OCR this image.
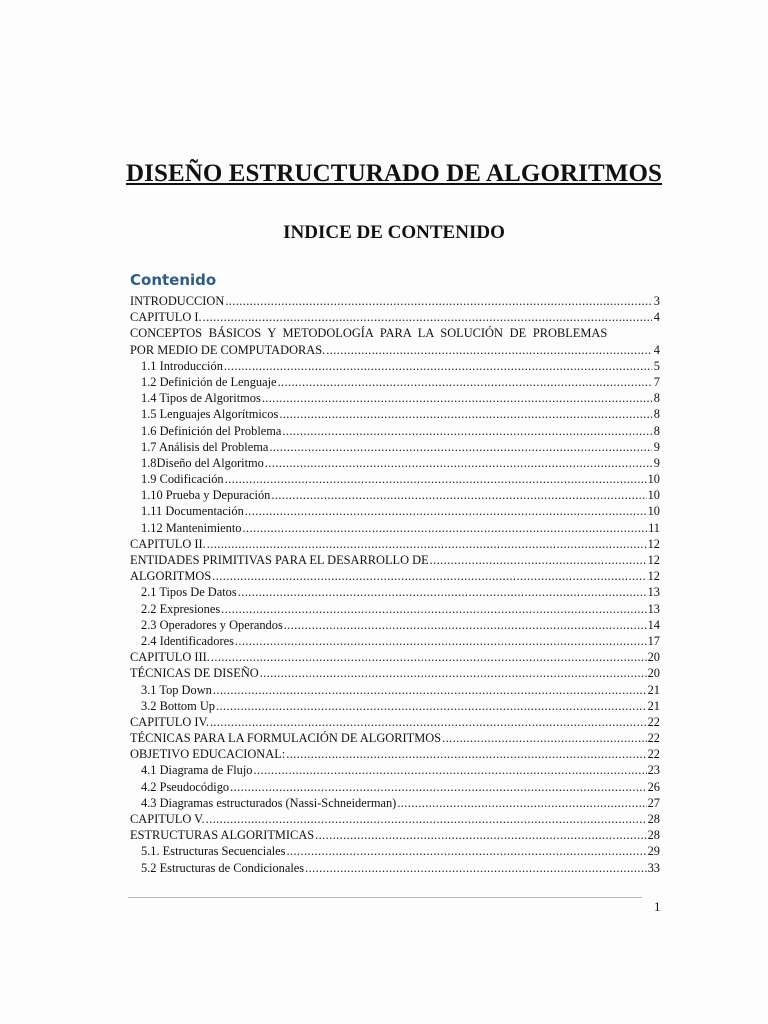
DISEÑO ESTRUCTURADO DE ALGORITMOS
INDICE DE CONTENIDO
Contenido
INTRODUCCION .....	3
CAPITULO I. .....	4
CONCEPTOS BÁSICOS Y METODOLOGÍA PARA LA SOLUCIÓN DE PROBLEMAS
POR MEDIO DE COMPUTADORAS. .....	4
1.1 Introducción .....	5
1.2 Definición de Lenguaje .....	7
1.4 Tipos de Algoritmos .....	8
1.5 Lenguajes Algorítmicos .....	8
1.6 Definición del Problema .....	8
1.7 Análisis del Problema .....	9
1.8Diseño del Algoritmo .....	9
1.9 Codificación .....	10
1.10 Prueba y Depuración .....	10
1.11 Documentación .....	10
1.12 Mantenimiento .....	11
CAPITULO II. .....	12
ENTIDADES PRIMITIVAS PARA EL DESARROLLO DE .....	12
ALGORITMOS .....	12
2.1 Tipos De Datos .....	13
2.2 Expresiones .....	13
2.3 Operadores y Operandos .....	14
2.4 Identificadores .....	17
CAPITULO III. .....	20
TÉCNICAS DE DISEÑO .....	20
3.1 Top Down .....	21
3.2 Bottom Up .....	21
CAPITULO IV. .....	22
TÉCNICAS PARA LA FORMULACIÓN DE ALGORITMOS .....	22
OBJETIVO EDUCACIONAL: .....	22
4.1 Diagrama de Flujo .....	23
4.2 Pseudocódigo .....	26
4.3 Diagramas estructurados (Nassi-Schneiderman) .....	27
CAPITULO V. .....	28
ESTRUCTURAS ALGORITMICAS .....	28
5.1. Estructuras Secuenciales .....	29
5.2 Estructuras de Condicionales .....	33
1
